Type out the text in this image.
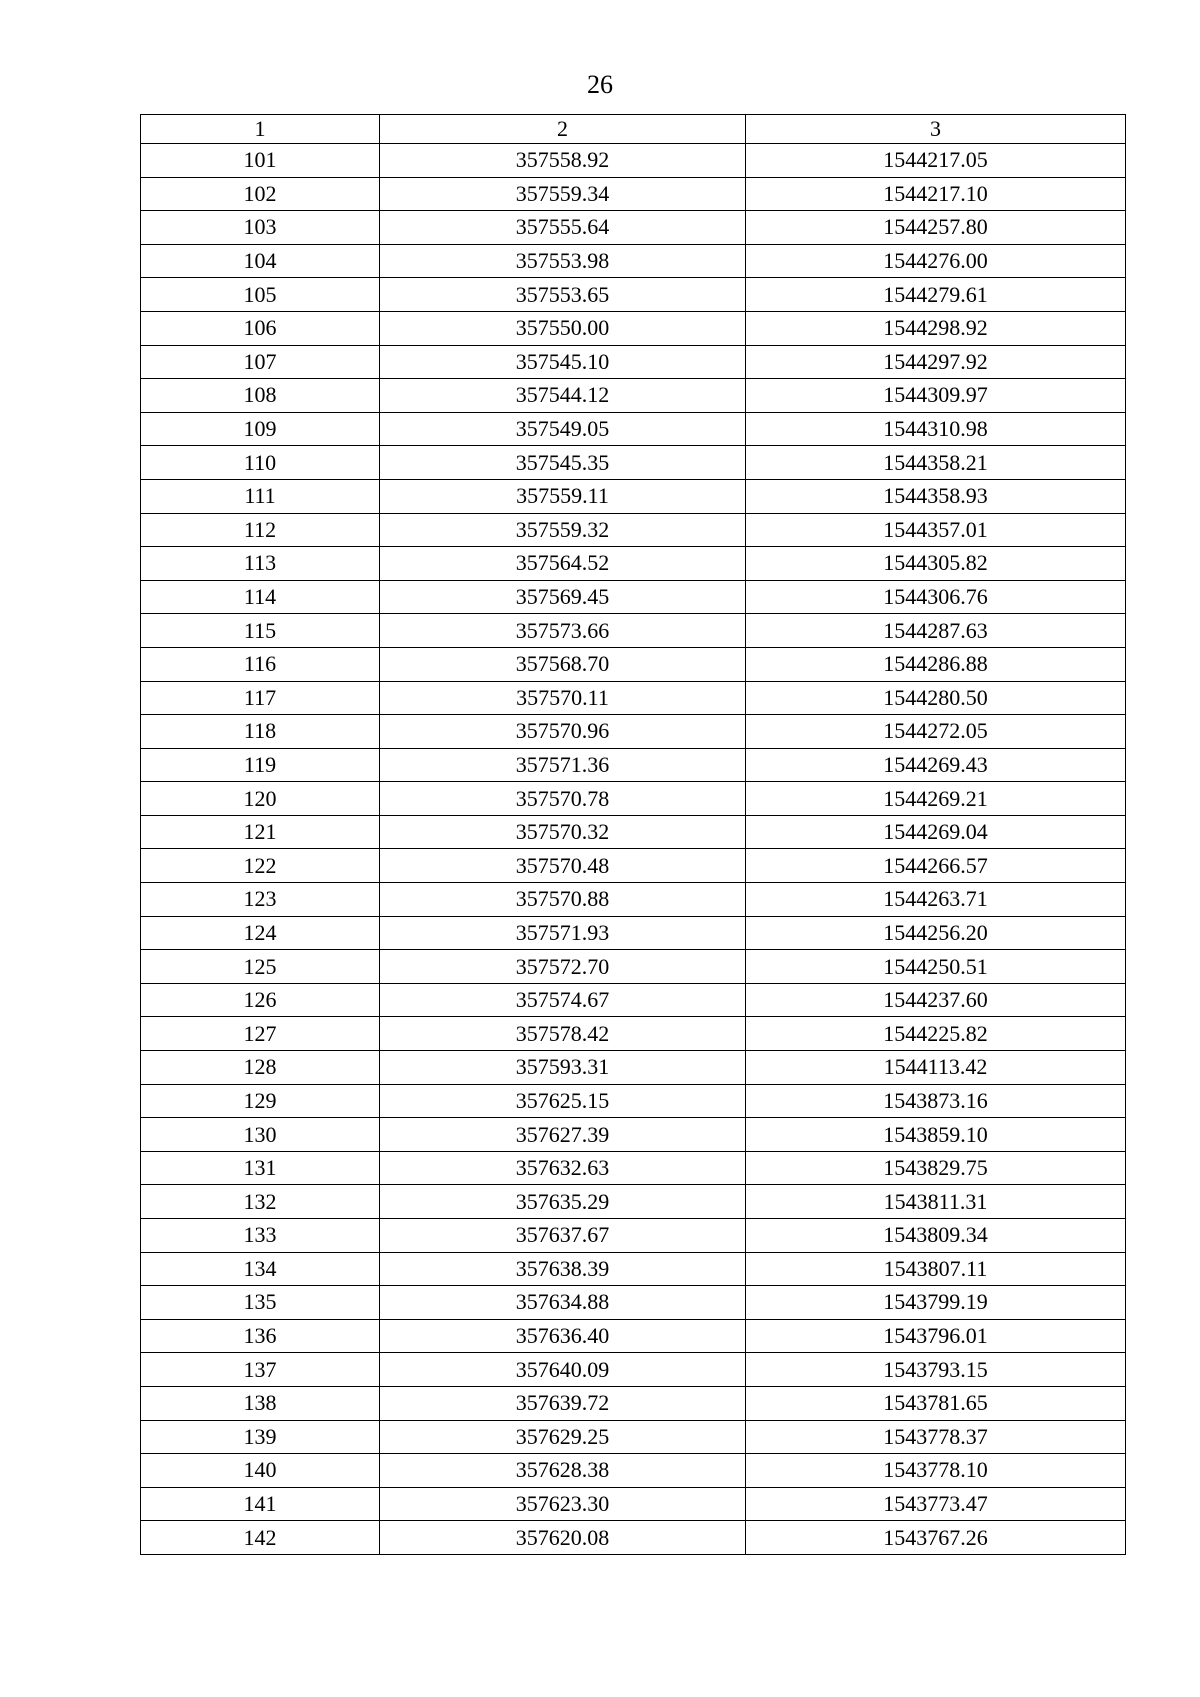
26
1	2	3
101	357558.92	1544217.05
102	357559.34	1544217.10
103	357555.64	1544257.80
104	357553.98	1544276.00
105	357553.65	1544279.61
106	357550.00	1544298.92
107	357545.10	1544297.92
108	357544.12	1544309.97
109	357549.05	1544310.98
110	357545.35	1544358.21
111	357559.11	1544358.93
112	357559.32	1544357.01
113	357564.52	1544305.82
114	357569.45	1544306.76
115	357573.66	1544287.63
116	357568.70	1544286.88
117	357570.11	1544280.50
118	357570.96	1544272.05
119	357571.36	1544269.43
120	357570.78	1544269.21
121	357570.32	1544269.04
122	357570.48	1544266.57
123	357570.88	1544263.71
124	357571.93	1544256.20
125	357572.70	1544250.51
126	357574.67	1544237.60
127	357578.42	1544225.82
128	357593.31	1544113.42
129	357625.15	1543873.16
130	357627.39	1543859.10
131	357632.63	1543829.75
132	357635.29	1543811.31
133	357637.67	1543809.34
134	357638.39	1543807.11
135	357634.88	1543799.19
136	357636.40	1543796.01
137	357640.09	1543793.15
138	357639.72	1543781.65
139	357629.25	1543778.37
140	357628.38	1543778.10
141	357623.30	1543773.47
142	357620.08	1543767.26
